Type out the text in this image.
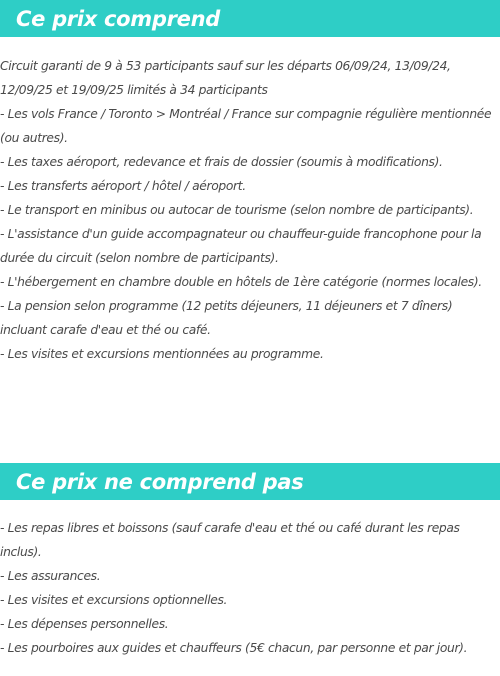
Ce prix comprend

Circuit garanti de 9 à 53 participants sauf sur les départs 06/09/24, 13/09/24, 12/09/25 et 19/09/25 limités à 34 participants

- Les vols France / Toronto > Montréal / France sur compagnie régulière mentionnée (ou autres).

- Les taxes aéroport, redevance et frais de dossier (soumis à modifications).

- Les transferts aéroport / hôtel / aéroport.

- Le transport en minibus ou autocar de tourisme (selon nombre de participants).

- L'assistance d'un guide accompagnateur ou chauffeur-guide francophone pour la durée du circuit (selon nombre de participants).

- L'hébergement en chambre double en hôtels de 1ère catégorie (normes locales).

- La pension selon programme (12 petits déjeuners, 11 déjeuners et 7 dîners) incluant carafe d'eau et thé ou café.

- Les visites et excursions mentionnées au programme.

Ce prix ne comprend pas

- Les repas libres et boissons (sauf carafe d'eau et thé ou café durant les repas inclus).

- Les assurances.

- Les visites et excursions optionnelles.

- Les dépenses personnelles.

- Les pourboires aux guides et chauffeurs (5€ chacun, par personne et par jour).
